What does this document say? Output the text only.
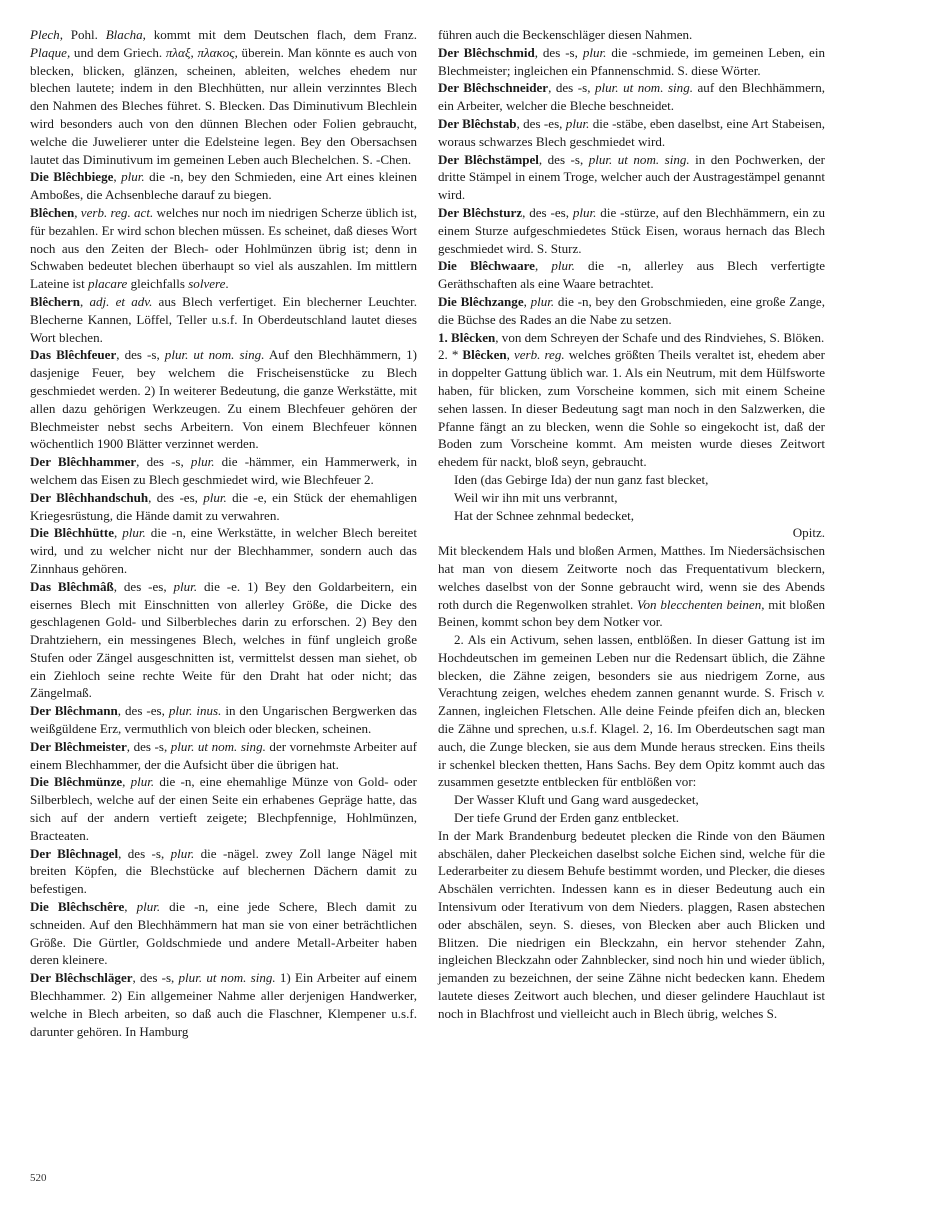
Plech, Pohl. Blacha, kommt mit dem Deutschen flach, dem Franz. Plaque, und dem Griech. πλαξ, πλακος, überein. Man könnte es auch von blecken, blicken, glänzen, scheinen, ableiten, welches ehedem nur blechen lautete; indem in den Blechhütten, nur allein verzinntes Blech den Nahmen des Bleches führet. S. Blecken. Das Diminutivum Blechlein wird besonders auch von den dünnen Blechen oder Folien gebraucht, welche die Juwelierer unter die Edelsteine legen. Bey den Obersachsen lautet das Diminutivum im gemeinen Leben auch Blechelchen. S. -Chen.

Die Blêchbiege, plur. die -n, bey den Schmieden, eine Art eines kleinen Amboßes, die Achsenbleche darauf zu biegen.

Blêchen, verb. reg. act. welches nur noch im niedrigen Scherze üblich ist, für bezahlen. Er wird schon blechen müssen. Es scheinet, daß dieses Wort noch aus den Zeiten der Blech- oder Hohlmünzen übrig ist; denn in Schwaben bedeutet blechen überhaupt so viel als auszahlen. Im mittlern Lateine ist placare gleichfalls solvere.

Blêchern, adj. et adv. aus Blech verfertiget. Ein blecherner Leuchter. Blecherne Kannen, Löffel, Teller u.s.f. In Oberdeutschland lautet dieses Wort blechen.

Das Blêchfeuer, des -s, plur. ut nom. sing. Auf den Blechhämmern, 1) dasjenige Feuer, bey welchem die Frischeisenstücke zu Blech geschmiedet werden. 2) In weiterer Bedeutung, die ganze Werkstätte, mit allen dazu gehörigen Werkzeugen. Zu einem Blechfeuer gehören der Blechmeister nebst sechs Arbeitern. Von einem Blechfeuer können wöchentlich 1900 Blätter verzinnet werden.

Der Blêchhammer, des -s, plur. die -hämmer, ein Hammerwerk, in welchem das Eisen zu Blech geschmiedet wird, wie Blechfeuer 2.

Der Blêchhandschuh, des -es, plur. die -e, ein Stück der ehemahligen Kriegesrüstung, die Hände damit zu verwahren.

Die Blêchhütte, plur. die -n, eine Werkstätte, in welcher Blech bereitet wird, und zu welcher nicht nur der Blechhammer, sondern auch das Zinnhaus gehören.

Das Blêchmâß, des -es, plur. die -e. 1) Bey den Goldarbeitern, ein eisernes Blech mit Einschnitten von allerley Größe, die Dicke des geschlagenen Gold- und Silberbleches darin zu erforschen. 2) Bey den Drahtziehern, ein messingenes Blech, welches in fünf ungleich große Stufen oder Zängel ausgeschnitten ist, vermittelst dessen man siehet, ob ein Ziehloch seine rechte Weite für den Draht hat oder nicht; das Zängelmaß.

Der Blêchmann, des -es, plur. inus. in den Ungarischen Bergwerken das weißgüldene Erz, vermuthlich von bleich oder blecken, scheinen.

Der Blêchmeister, des -s, plur. ut nom. sing. der vornehmste Arbeiter auf einem Blechhammer, der die Aufsicht über die übrigen hat.

Die Blêchmünze, plur. die -n, eine ehemahlige Münze von Gold- oder Silberblech, welche auf der einen Seite ein erhabenes Gepräge hatte, das sich auf der andern vertieft zeigete; Blechpfennige, Hohlmünzen, Bracteaten.

Der Blêchnagel, des -s, plur. die -nägel. zwey Zoll lange Nägel mit breiten Köpfen, die Blechstücke auf blechernen Dächern damit zu befestigen.

Die Blêchschêre, plur. die -n, eine jede Schere, Blech damit zu schneiden. Auf den Blechhämmern hat man sie von einer beträchtlichen Größe. Die Gürtler, Goldschmiede und andere Metall-Arbeiter haben deren kleinere.

Der Blêchschläger, des -s, plur. ut nom. sing. 1) Ein Arbeiter auf einem Blechhammer. 2) Ein allgemeiner Nahme aller derjenigen Handwerker, welche in Blech arbeiten, so daß auch die Flaschner, Klempener u.s.f. darunter gehören. In Hamburg

führen auch die Beckenschläger diesen Nahmen.

Der Blêchschmid, des -s, plur. die -schmiede, im gemeinen Leben, ein Blechmeister; ingleichen ein Pfannenschmid. S. diese Wörter.

Der Blêchschneider, des -s, plur. ut nom. sing. auf den Blechhämmern, ein Arbeiter, welcher die Bleche beschneidet.

Der Blêchstab, des -es, plur. die -stäbe, eben daselbst, eine Art Stabeisen, woraus schwarzes Blech geschmiedet wird.

Der Blêchstämpel, des -s, plur. ut nom. sing. in den Pochwerken, der dritte Stämpel in einem Troge, welcher auch der Austragestämpel genannt wird.

Der Blêchsturz, des -es, plur. die -stürze, auf den Blechhämmern, ein zu einem Sturze aufgeschmiedetes Stück Eisen, woraus hernach das Blech geschmiedet wird. S. Sturz.

Die Blêchwaare, plur. die -n, allerley aus Blech verfertigte Geräthschaften als eine Waare betrachtet.

Die Blêchzange, plur. die -n, bey den Grobschmieden, eine große Zange, die Büchse des Rades an die Nabe zu setzen.

1. Blêcken, von dem Schreyen der Schafe und des Rindviehes, S. Blöken.

2. * Blêcken, verb. reg. welches größten Theils veraltet ist, ehedem aber in doppelter Gattung üblich war. 1. Als ein Neutrum, mit dem Hülfsworte haben, für blicken, zum Vorscheine kommen, sich mit einem Scheine sehen lassen. In dieser Bedeutung sagt man noch in den Salzwerken, die Pfanne fängt an zu blecken, wenn die Sohle so eingekocht ist, daß der Boden zum Vorscheine kommt. Am meisten wurde dieses Zeitwort ehedem für nackt, bloß seyn, gebraucht.

Iden (das Gebirge Ida) der nun ganz fast blecket,

Weil wir ihn mit uns verbrannt,

Hat der Schnee zehnmal bedecket,

Opitz.

Mit bleckendem Hals und bloßen Armen, Matthes. Im Niedersächsischen hat man von diesem Zeitworte noch das Frequentativum bleckern, welches daselbst von der Sonne gebraucht wird, wenn sie des Abends roth durch die Regenwolken strahlet. Von blecchenten beinen, mit bloßen Beinen, kommt schon bey dem Notker vor.

2. Als ein Activum, sehen lassen, entblößen. In dieser Gattung ist im Hochdeutschen im gemeinen Leben nur die Redensart üblich, die Zähne blecken, die Zähne zeigen, besonders sie aus niedrigem Zorne, aus Verachtung zeigen, welches ehedem zannen genannt wurde. S. Frisch v. Zannen, ingleichen Fletschen. Alle deine Feinde pfeifen dich an, blecken die Zähne und sprechen, u.s.f. Klagel. 2, 16. Im Oberdeutschen sagt man auch, die Zunge blecken, sie aus dem Munde heraus strecken. Eins theils ir schenkel blecken thetten, Hans Sachs. Bey dem Opitz kommt auch das zusammen gesetzte entblecken für entblößen vor:

Der Wasser Kluft und Gang ward ausgedecket,

Der tiefe Grund der Erden ganz entblecket.

In der Mark Brandenburg bedeutet plecken die Rinde von den Bäumen abschälen, daher Pleckeichen daselbst solche Eichen sind, welche für die Lederarbeiter zu diesem Behufe bestimmt worden, und Plecker, die dieses Abschälen verrichten. Indessen kann es in dieser Bedeutung auch ein Intensivum oder Iterativum von dem Nieders. plaggen, Rasen abstechen oder abschälen, seyn. S. dieses, von Blecken aber auch Blicken und Blitzen. Die niedrigen ein Bleckzahn, ein hervor stehender Zahn, ingleichen Bleckzahn oder Zahnblecker, sind noch hin und wieder üblich, jemanden zu bezeichnen, der seine Zähne nicht bedecken kann. Ehedem lautete dieses Zeitwort auch blechen, und dieser gelindere Hauchlaut ist noch in Blachfrost und vielleicht auch in Blech übrig, welches S.

520
